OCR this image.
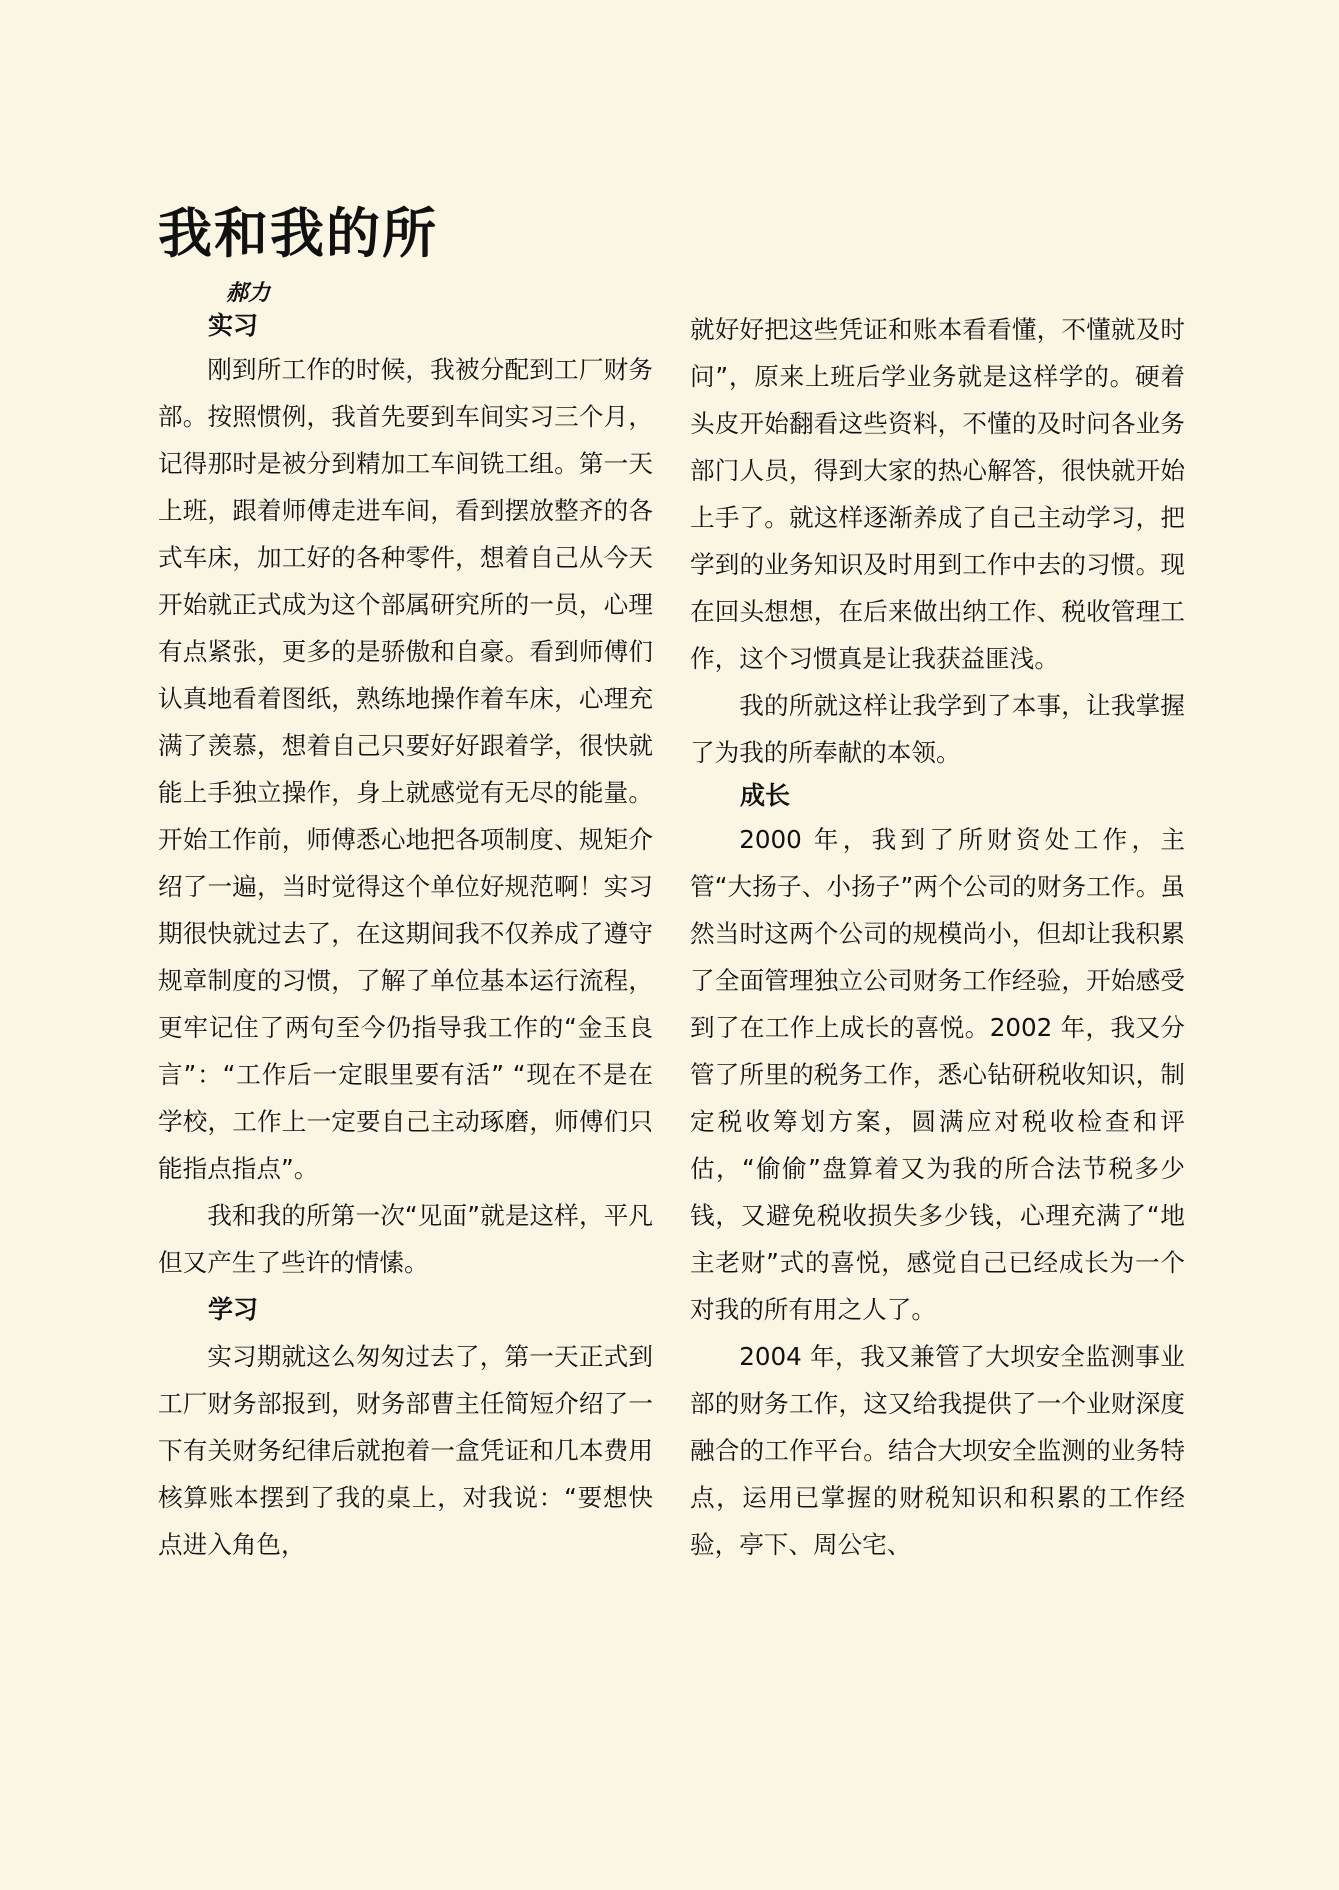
我和我的所
郝力
实习

刚到所工作的时候，我被分配到工厂财务部。按照惯例，我首先要到车间实习三个月，记得那时是被分到精加工车间铣工组。第一天上班，跟着师傅走进车间，看到摆放整齐的各式车床，加工好的各种零件，想着自己从今天开始就正式成为这个部属研究所的一员，心理有点紧张，更多的是骄傲和自豪。看到师傅们认真地看着图纸，熟练地操作着车床，心理充满了羡慕，想着自己只要好好跟着学，很快就能上手独立操作，身上就感觉有无尽的能量。开始工作前，师傅悉心地把各项制度、规矩介绍了一遍，当时觉得这个单位好规范啊！实习期很快就过去了，在这期间我不仅养成了遵守规章制度的习惯，了解了单位基本运行流程，更牢记住了两句至今仍指导我工作的“金玉良言”：“工作后一定眼里要有活” “现在不是在学校，工作上一定要自己主动琢磨，师傅们只能指点指点”。

我和我的所第一次“见面”就是这样，平凡但又产生了些许的情愫。

学习

实习期就这么匆匆过去了，第一天正式到工厂财务部报到，财务部曹主任简短介绍了一下有关财务纪律后就抱着一盒凭证和几本费用核算账本摆到了我的桌上，对我说：“要想快点进入角色，

就好好把这些凭证和账本看看懂，不懂就及时问”，原来上班后学业务就是这样学的。硬着头皮开始翻看这些资料，不懂的及时问各业务部门人员，得到大家的热心解答，很快就开始上手了。就这样逐渐养成了自己主动学习，把学到的业务知识及时用到工作中去的习惯。现在回头想想，在后来做出纳工作、税收管理工作，这个习惯真是让我获益匪浅。

我的所就这样让我学到了本事，让我掌握了为我的所奉献的本领。

成长

2000 年，我到了所财资处工作，主管“大扬子、小扬子”两个公司的财务工作。虽然当时这两个公司的规模尚小，但却让我积累了全面管理独立公司财务工作经验，开始感受到了在工作上成长的喜悦。2002 年，我又分管了所里的税务工作，悉心钻研税收知识，制定税收筹划方案，圆满应对税收检查和评估，“偷偷”盘算着又为我的所合法节税多少钱，又避免税收损失多少钱，心理充满了“地主老财”式的喜悦，感觉自己已经成长为一个对我的所有用之人了。

2004 年，我又兼管了大坝安全监测事业部的财务工作，这又给我提供了一个业财深度融合的工作平台。结合大坝安全监测的业务特点，运用已掌握的财税知识和积累的工作经验，亭下、周公宅、
